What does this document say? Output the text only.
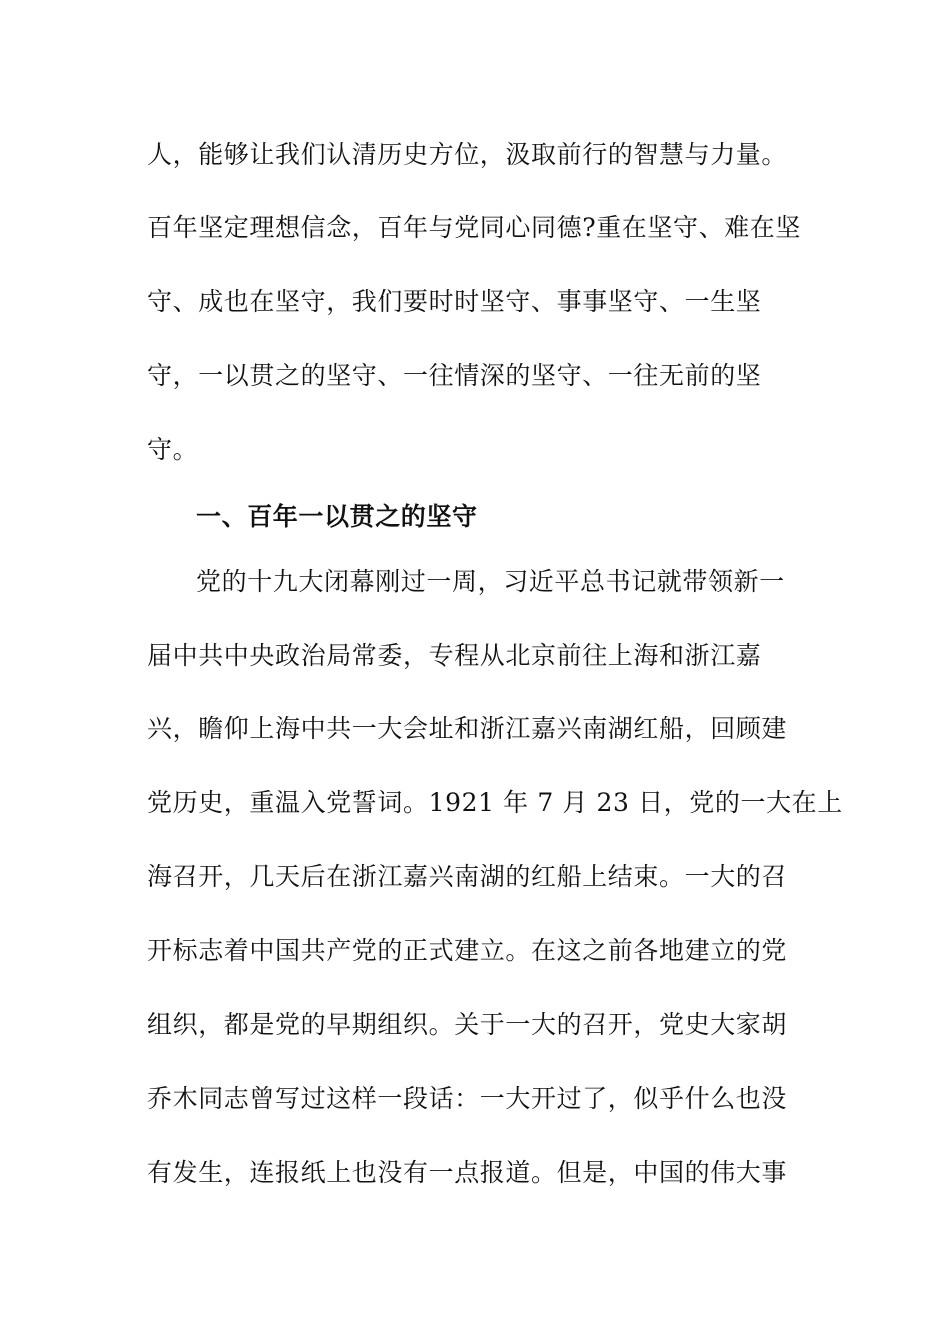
人，能够让我们认清历史方位，汲取前行的智慧与力量。
百年坚定理想信念，百年与党同心同德?重在坚守、难在坚
守、成也在坚守，我们要时时坚守、事事坚守、一生坚
守，一以贯之的坚守、一往情深的坚守、一往无前的坚
守。
一、百年一以贯之的坚守
党的十九大闭幕刚过一周，习近平总书记就带领新一
届中共中央政治局常委，专程从北京前往上海和浙江嘉
兴，瞻仰上海中共一大会址和浙江嘉兴南湖红船，回顾建
党历史，重温入党誓词。1921 年 7 月 23 日，党的一大在上
海召开，几天后在浙江嘉兴南湖的红船上结束。一大的召
开标志着中国共产党的正式建立。在这之前各地建立的党
组织，都是党的早期组织。关于一大的召开，党史大家胡
乔木同志曾写过这样一段话：一大开过了，似乎什么也没
有发生，连报纸上也没有一点报道。但是，中国的伟大事
